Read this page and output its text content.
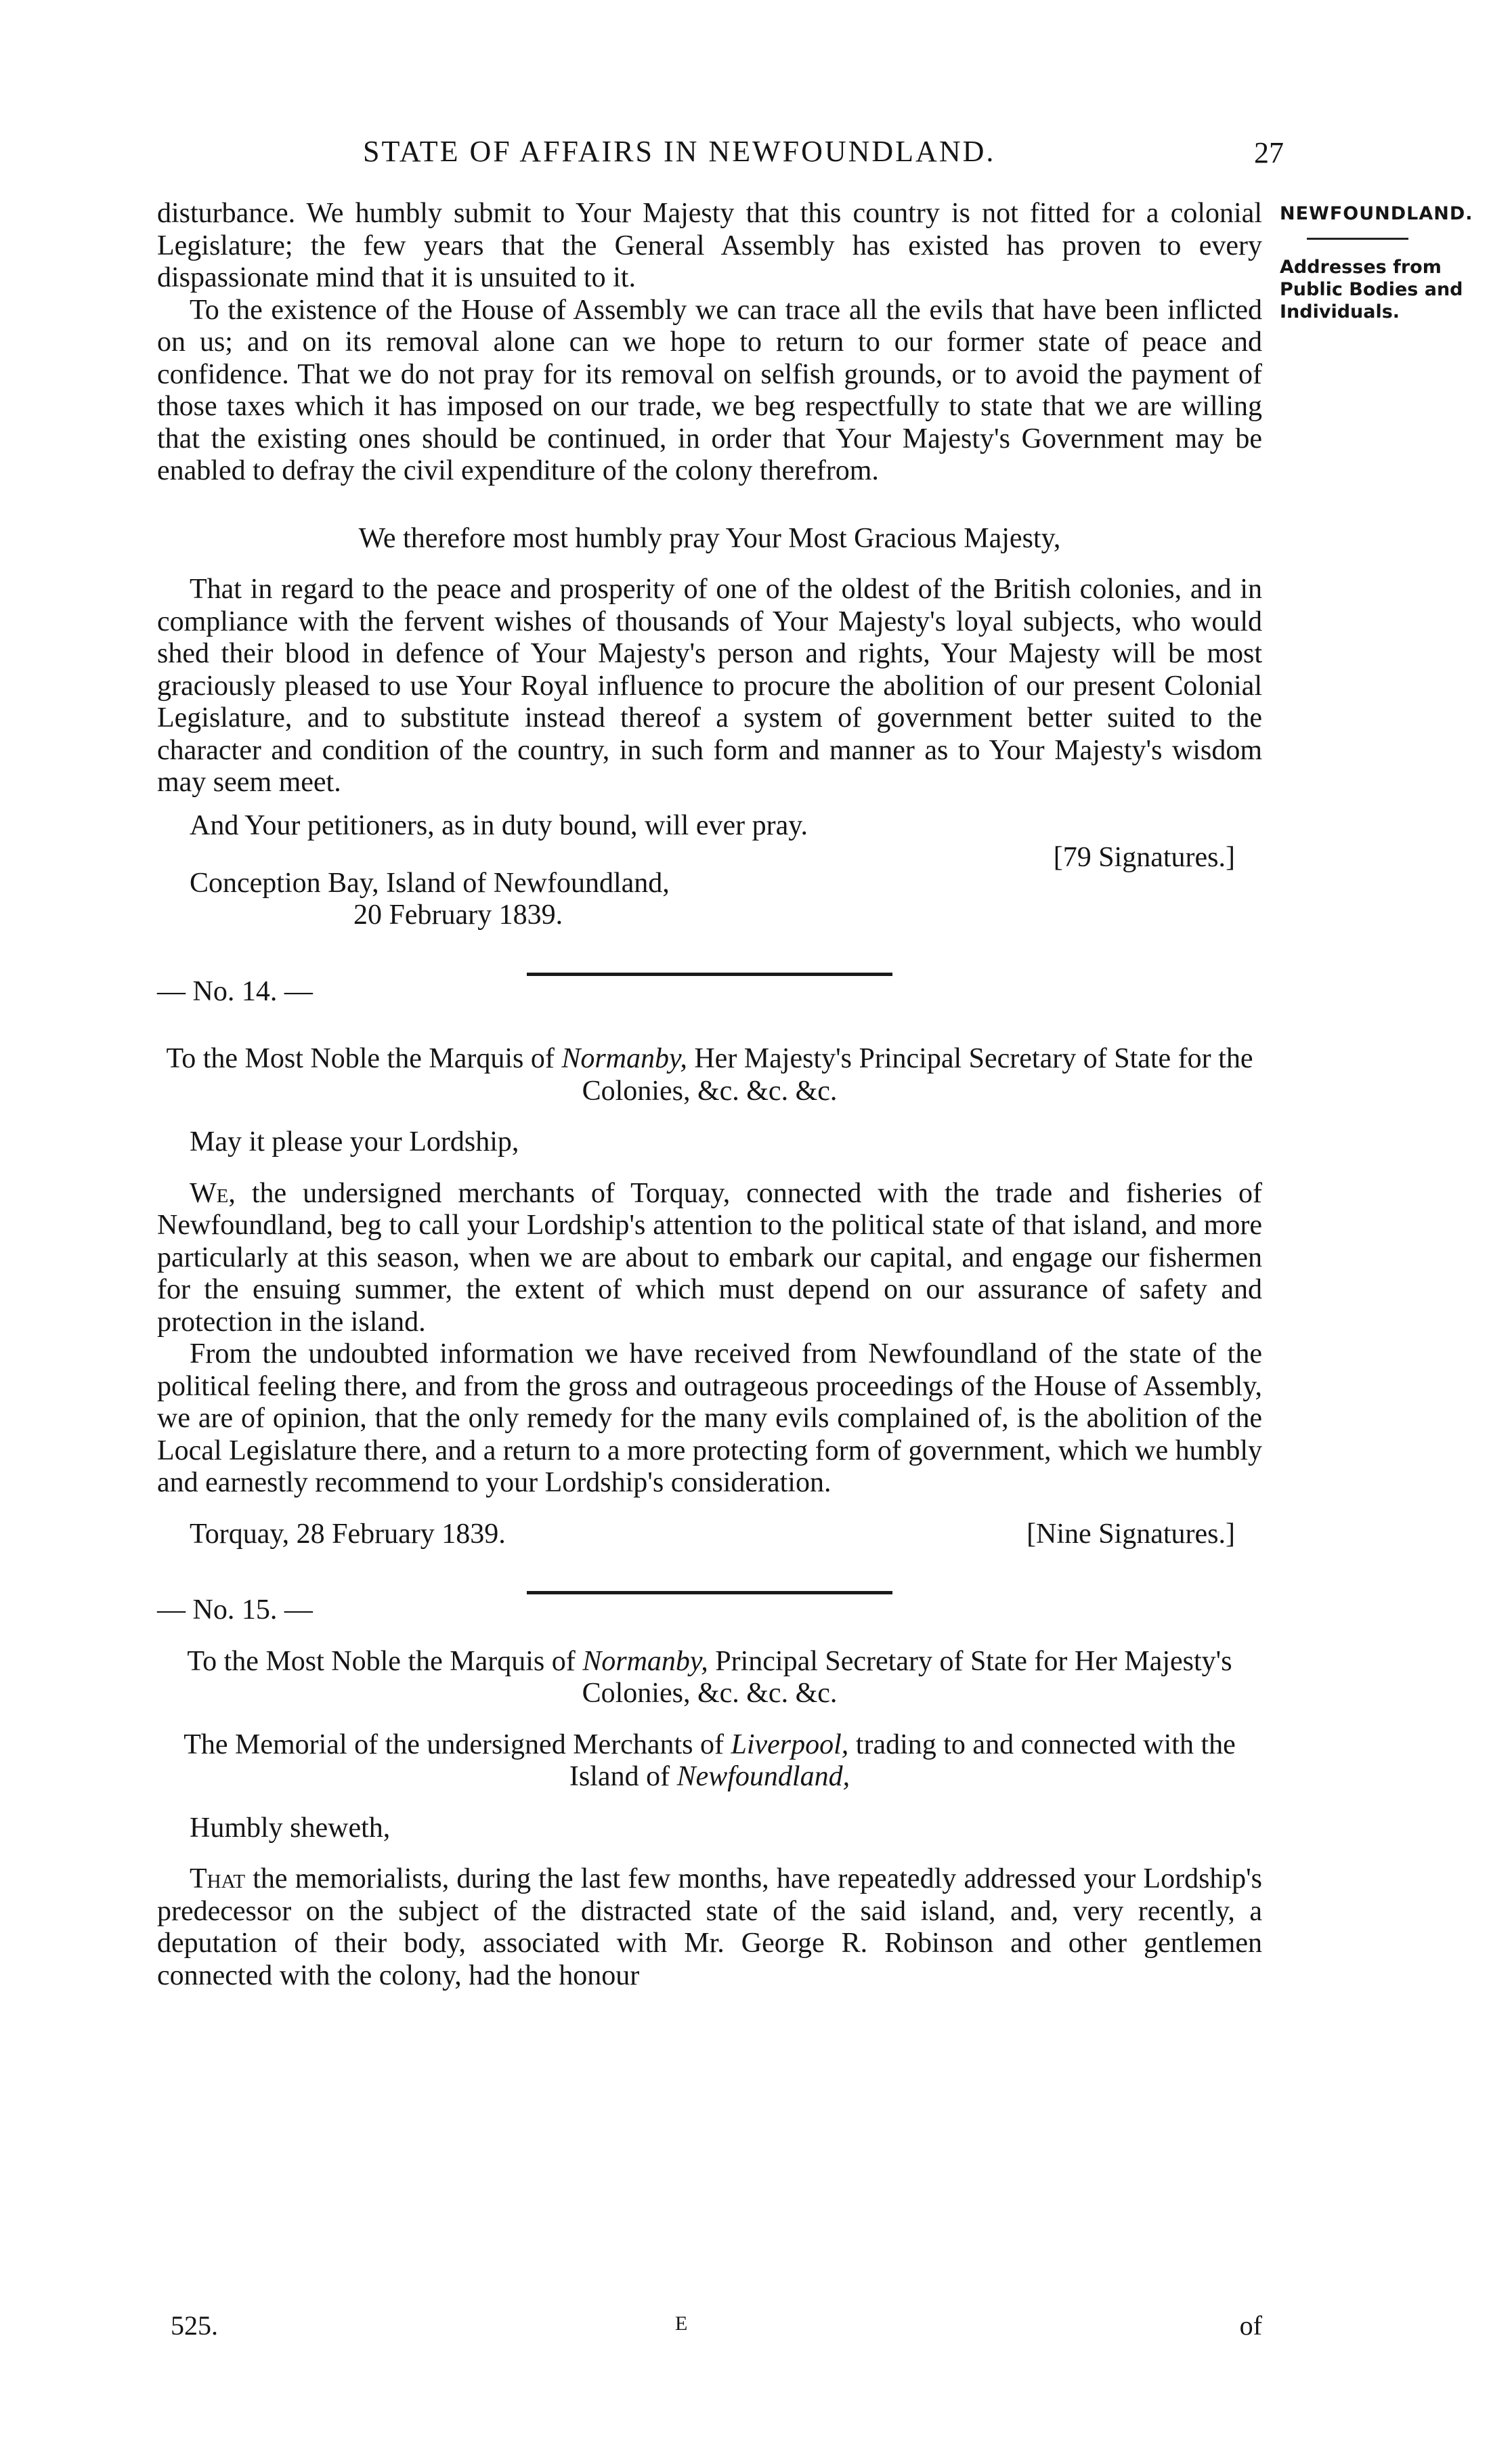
STATE OF AFFAIRS IN NEWFOUNDLAND.	27
NEWFOUNDLAND.
Addresses from Public Bodies and Individuals.

disturbance. We humbly submit to Your Majesty that this country is not fitted for a colonial Legislature; the few years that the General Assembly has existed has proven to every dispassionate mind that it is unsuited to it.

To the existence of the House of Assembly we can trace all the evils that have been inflicted on us; and on its removal alone can we hope to return to our former state of peace and confidence. That we do not pray for its removal on selfish grounds, or to avoid the payment of those taxes which it has imposed on our trade, we beg respectfully to state that we are willing that the existing ones should be continued, in order that Your Majesty's Government may be enabled to defray the civil expenditure of the colony therefrom.

We therefore most humbly pray Your Most Gracious Majesty,

That in regard to the peace and prosperity of one of the oldest of the British colonies, and in compliance with the fervent wishes of thousands of Your Majesty's loyal subjects, who would shed their blood in defence of Your Majesty's person and rights, Your Majesty will be most graciously pleased to use Your Royal influence to procure the abolition of our present Colonial Legislature, and to substitute instead thereof a system of government better suited to the character and condition of the country, in such form and manner as to Your Majesty's wisdom may seem meet.

And Your petitioners, as in duty bound, will ever pray.

[79 Signatures.]

Conception Bay, Island of Newfoundland,

20 February 1839.

— No. 14. —

To the Most Noble the Marquis of Normanby, Her Majesty's Principal Secretary of State for the Colonies, &c. &c. &c.

May it please your Lordship,

We, the undersigned merchants of Torquay, connected with the trade and fisheries of Newfoundland, beg to call your Lordship's attention to the political state of that island, and more particularly at this season, when we are about to embark our capital, and engage our fishermen for the ensuing summer, the extent of which must depend on our assurance of safety and protection in the island.

From the undoubted information we have received from Newfoundland of the state of the political feeling there, and from the gross and outrageous proceedings of the House of Assembly, we are of opinion, that the only remedy for the many evils complained of, is the abolition of the Local Legislature there, and a return to a more protecting form of government, which we humbly and earnestly recommend to your Lordship's consideration.

Torquay, 28 February 1839.	[Nine Signatures.]

— No. 15. —

To the Most Noble the Marquis of Normanby, Principal Secretary of State for Her Majesty's Colonies, &c. &c. &c.

The Memorial of the undersigned Merchants of Liverpool, trading to and connected with the Island of Newfoundland,

Humbly sheweth,

That the memorialists, during the last few months, have repeatedly addressed your Lordship's predecessor on the subject of the distracted state of the said island, and, very recently, a deputation of their body, associated with Mr. George R. Robinson and other gentlemen connected with the colony, had the honour

525.	E	of
